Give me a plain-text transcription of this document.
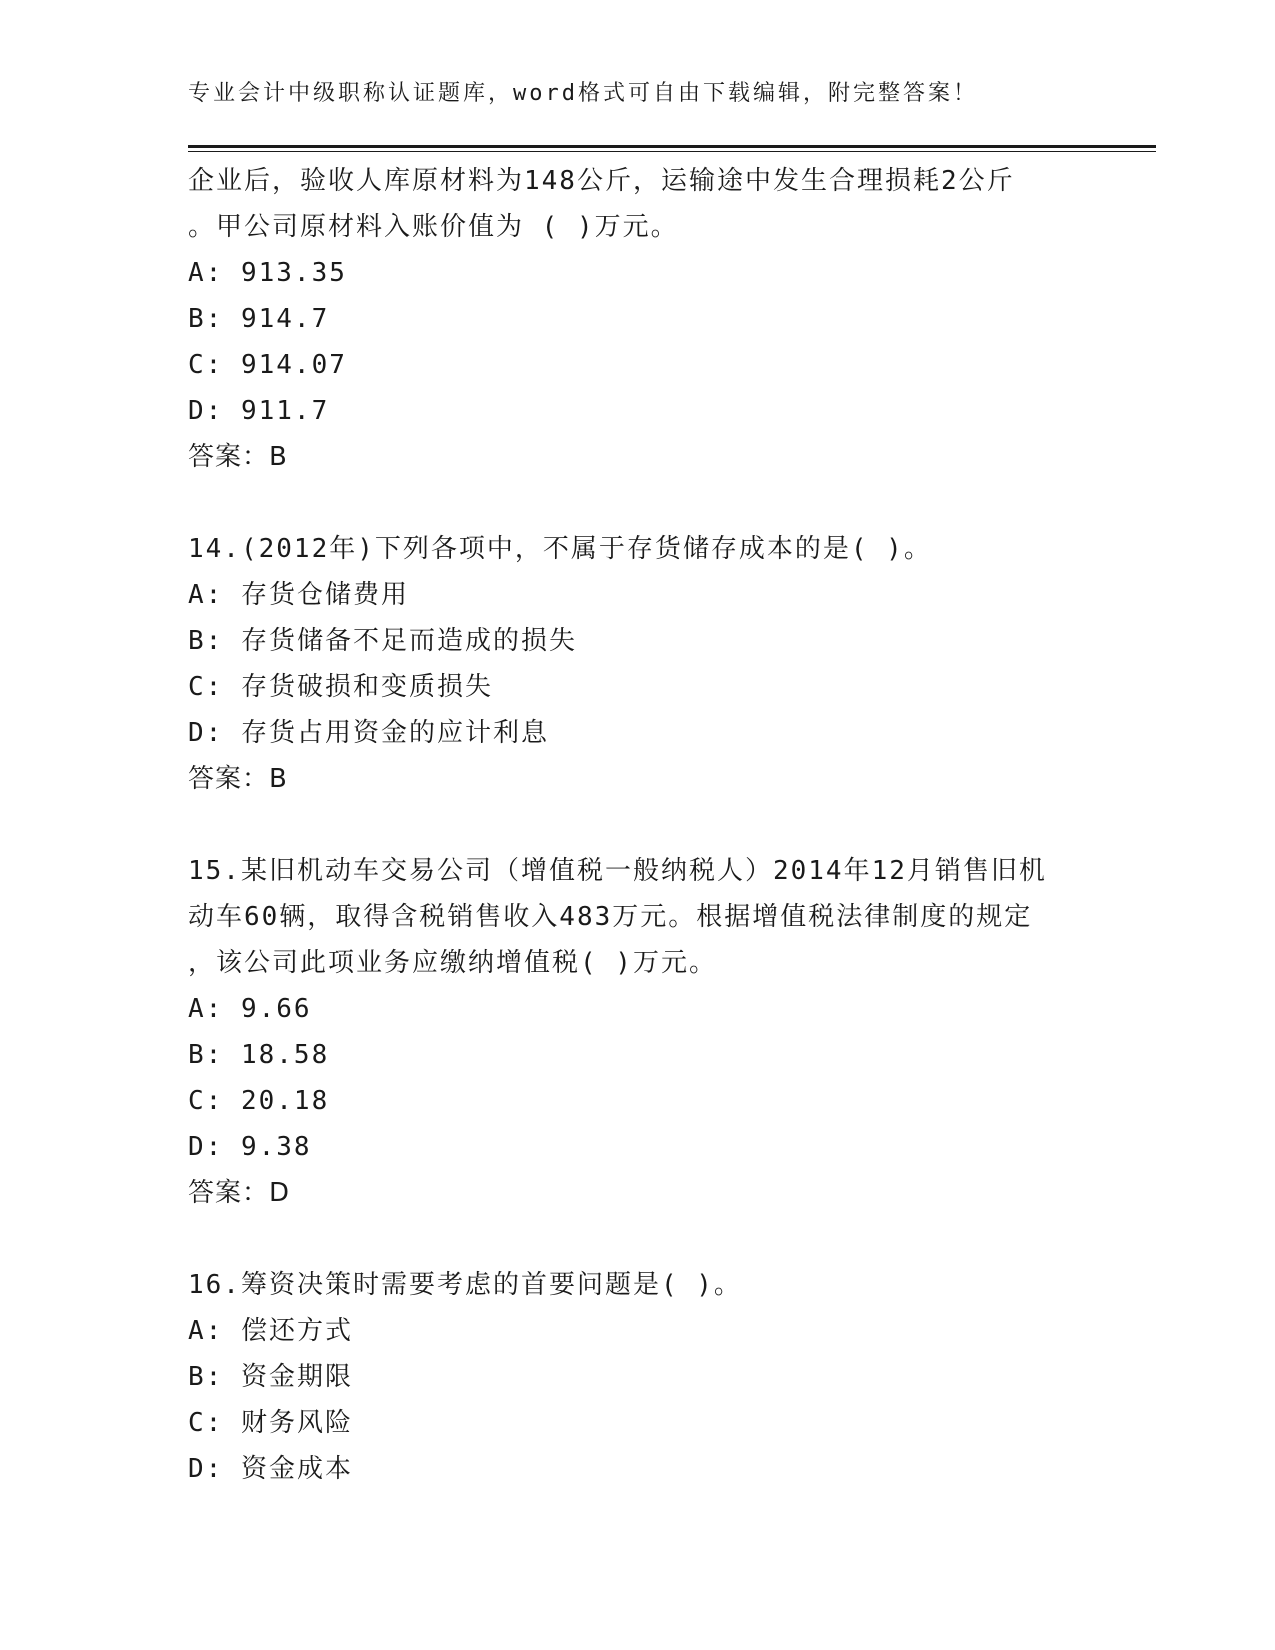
专业会计中级职称认证题库，word格式可自由下载编辑，附完整答案！
企业后，验收人库原材料为148公斤，运输途中发生合理损耗2公斤
。甲公司原材料入账价值为 ( )万元。
A: 913.35
B: 914.7
C: 914.07
D: 911.7
答案：B
14.(2012年)下列各项中，不属于存货储存成本的是( )。
A: 存货仓储费用
B: 存货储备不足而造成的损失
C: 存货破损和变质损失
D: 存货占用资金的应计利息
答案：B
15.某旧机动车交易公司（增值税一般纳税人）2014年12月销售旧机
动车60辆，取得含税销售收入483万元。根据增值税法律制度的规定
，该公司此项业务应缴纳增值税( )万元。
A: 9.66
B: 18.58
C: 20.18
D: 9.38
答案：D
16.筹资决策时需要考虑的首要问题是( )。
A: 偿还方式
B: 资金期限
C: 财务风险
D: 资金成本
